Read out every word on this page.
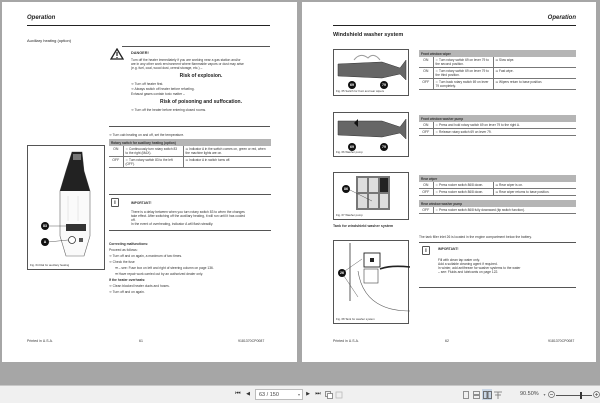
Operation
Auxiliary heating (option)
DANGER!
Turn off the heater immediately if you are working near a gas station and/or
are in any other work environment where flammable vapors or dust may arise
(e.g. fuel, coal, wood dust, cereal storage, etc.) –
Risk of explosion.
➾ Turn off heater first.
➾ Always switch off heater before refueling.
Exhaust gases contain toxic matter –
Risk of poisoning and suffocation.
➾ Turn off the heater before entering closed rooms.
➾ Turn cab heating on and off, set the temperature.
Rotary switch for auxiliary heating (option)		
ON	➾ Continuously turn rotary switch 83 to the right (MAX).	➡ Indicator A in the switch comes on, green or red, when the machine lights are on.
OFF	➾ Turn rotary switch 83 to the left (OFF).	➡ Indicator A in switch turns off.
i	IMPORTANT!
There is a delay between when you turn rotary switch 83 to when the changes
take effect. After switching off the auxiliary heating, it will run until it has cooled
off.
In the event of overheating, indicator A will flash steadily.
Correcting malfunctions:
Proceed as follows:
➾ Turn off and on again, a maximum of two times.
➾ Check the fuse
➡ – see: Fuse box on left and right of steering column on page 136.
➡ Have repair work carried out by an authorized dealer only.
If the heater overheats:
➾ Clean blocked heater ducts and hoses.
➾ Turn off and on again.
83
A
Fig. 64 Dial for auxiliary heating
Printed in U.S.A.	61	9181370CP0087
Operation
Windshield washer system
69	79
Fig. 65 Switch for front and rear wipers
Front window wiper		
ON	➾ Turn rotary switch 69 on lever 79 to the second position.	➡ Slow wipe.
ON	➾ Turn rotary switch 69 on lever 79 to the third position.	➡ Fast wipe.
OFF	➾ Turn back rotary switch 69 on lever 79 completely.	➡ Wipers return to base position.
69	79
Fig. 66 Washer pump
Front window washer pump	
ON	➾ Press and hold rotary switch 69 on lever 79 to the right A.
OFF	➾ Release rotary switch 69 on lever 79.
86
Fig. 67 Washer pump
Rear wiper		
ON	➾ Press rocker switch 86/8 down.	➡ Rear wiper is on.
OFF	➾ Press rocker switch 86/8 down.	➡ Rear wiper returns to base position.
Rear window washer pump
OFF	➾ Press rocker switch 86/8 fully downward (tip switch function).
Tank for windshield washer system
26
Fig. 68 Tank for washer system
The tank filler inlet 26 is located in the engine compartment below the battery.
i	IMPORTANT!
Fill with clean tap water only.
Add a suitable cleaning agent if required.
In winter, add antifreeze for washer systems to the water
– see: Fluids and lubricants on page 122.
Printed in U.S.A.	62	9181370CP0087
⏮	◀
63 / 150	▾	▶ ⏭	90.50%	▾
